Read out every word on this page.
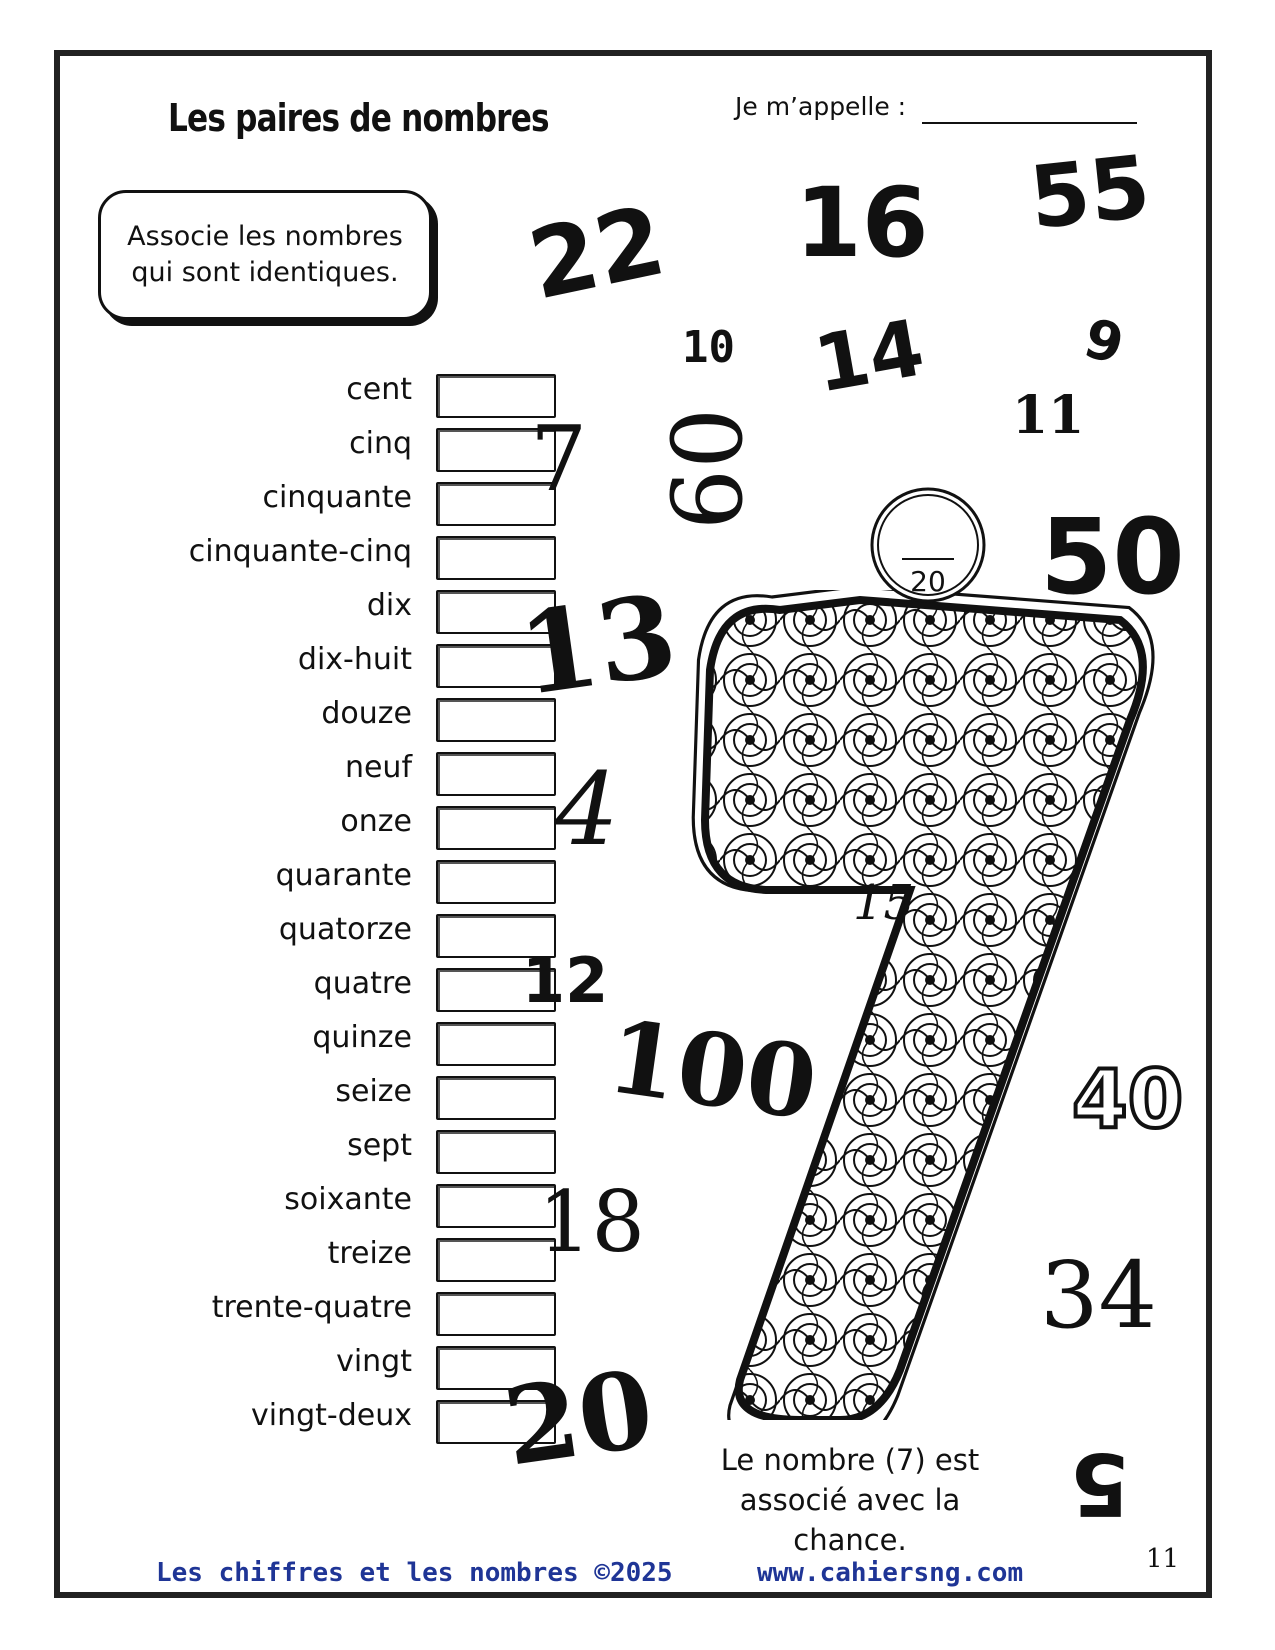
Les paires de nombres	Je m’appelle :
Associe les nombres
qui sont identiques.
cent
cinq
cinquante
cinquante-cinq
dix
dix-huit
douze
neuf
onze
quarante
quatorze
quatre
quinze
seize
sept
soixante
treize
trente-quatre
vingt
vingt-deux
15
20
22 16 55
10 14	9
11
7 60
50
13
4
12
100	40
18
34
20	5
Le nombre (7) est
associé avec la chance.
Les chiffres et les nombres ©2025	www.cahiersng.com	11
